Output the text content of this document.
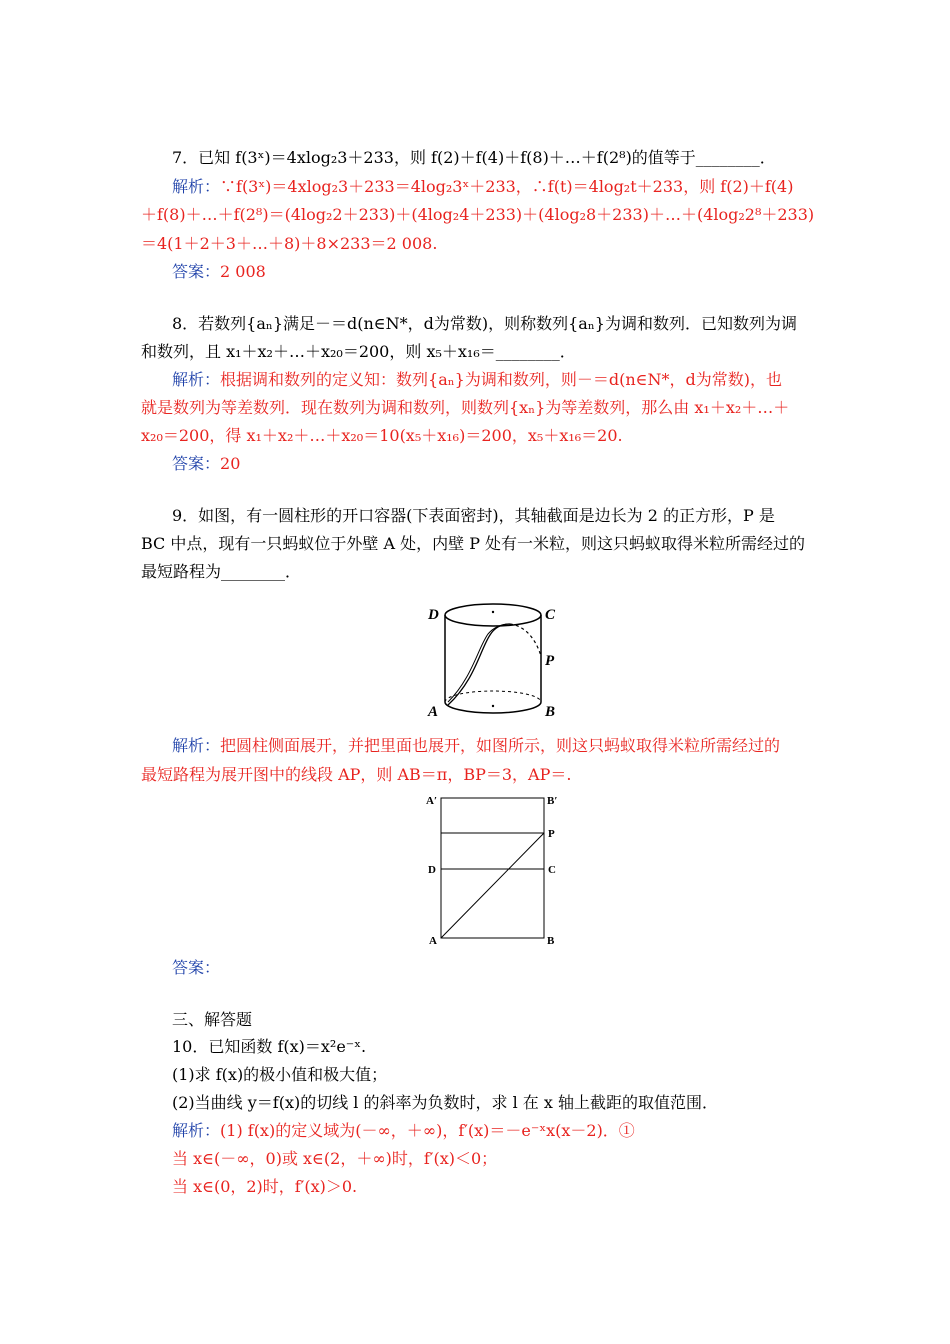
7．已知 f(3ˣ)＝4xlog₂3＋233，则 f(2)＋f(4)＋f(8)＋…＋f(2⁸)的值等于________．
解析：∵f(3ˣ)＝4xlog₂3＋233＝4log₂3ˣ＋233，∴f(t)＝4log₂t＋233，则 f(2)＋f(4)
＋f(8)＋…＋f(2⁸)＝(4log₂2＋233)＋(4log₂4＋233)＋(4log₂8＋233)＋…＋(4log₂2⁸＋233)
＝4(1＋2＋3＋…＋8)＋8×233＝2 008.
答案：2 008
8．若数列{aₙ}满足－＝d(n∈N*，d为常数)，则称数列{aₙ}为调和数列．已知数列为调
和数列，且 x₁＋x₂＋…＋x₂₀＝200，则 x₅＋x₁₆＝________．
解析：根据调和数列的定义知：数列{aₙ}为调和数列，则－＝d(n∈N*，d为常数)，也
就是数列为等差数列．现在数列为调和数列，则数列{xₙ}为等差数列，那么由 x₁＋x₂＋…＋
x₂₀＝200，得 x₁＋x₂＋…＋x₂₀＝10(x₅＋x₁₆)＝200，x₅＋x₁₆＝20.
答案：20
9．如图，有一圆柱形的开口容器(下表面密封)，其轴截面是边长为 2 的正方形，P 是
BC 中点，现有一只蚂蚁位于外壁 A 处，内壁 P 处有一米粒，则这只蚂蚁取得米粒所需经过的
最短路程为________．
D	C
P
A	B
解析：把圆柱侧面展开，并把里面也展开，如图所示，则这只蚂蚁取得米粒所需经过的
最短路程为展开图中的线段 AP，则 AB＝π，BP＝3，AP＝.
A′	B′
P
D	C
A	B
答案：
三、解答题
10．已知函数 f(x)＝x²e⁻ˣ.
(1)求 f(x)的极小值和极大值；
(2)当曲线 y＝f(x)的切线 l 的斜率为负数时，求 l 在 x 轴上截距的取值范围．
解析：(1) f(x)的定义域为(－∞，＋∞)，f′(x)＝－e⁻ˣx(x－2)．①
当 x∈(－∞，0)或 x∈(2，＋∞)时，f′(x)＜0；
当 x∈(0，2)时，f′(x)＞0.
